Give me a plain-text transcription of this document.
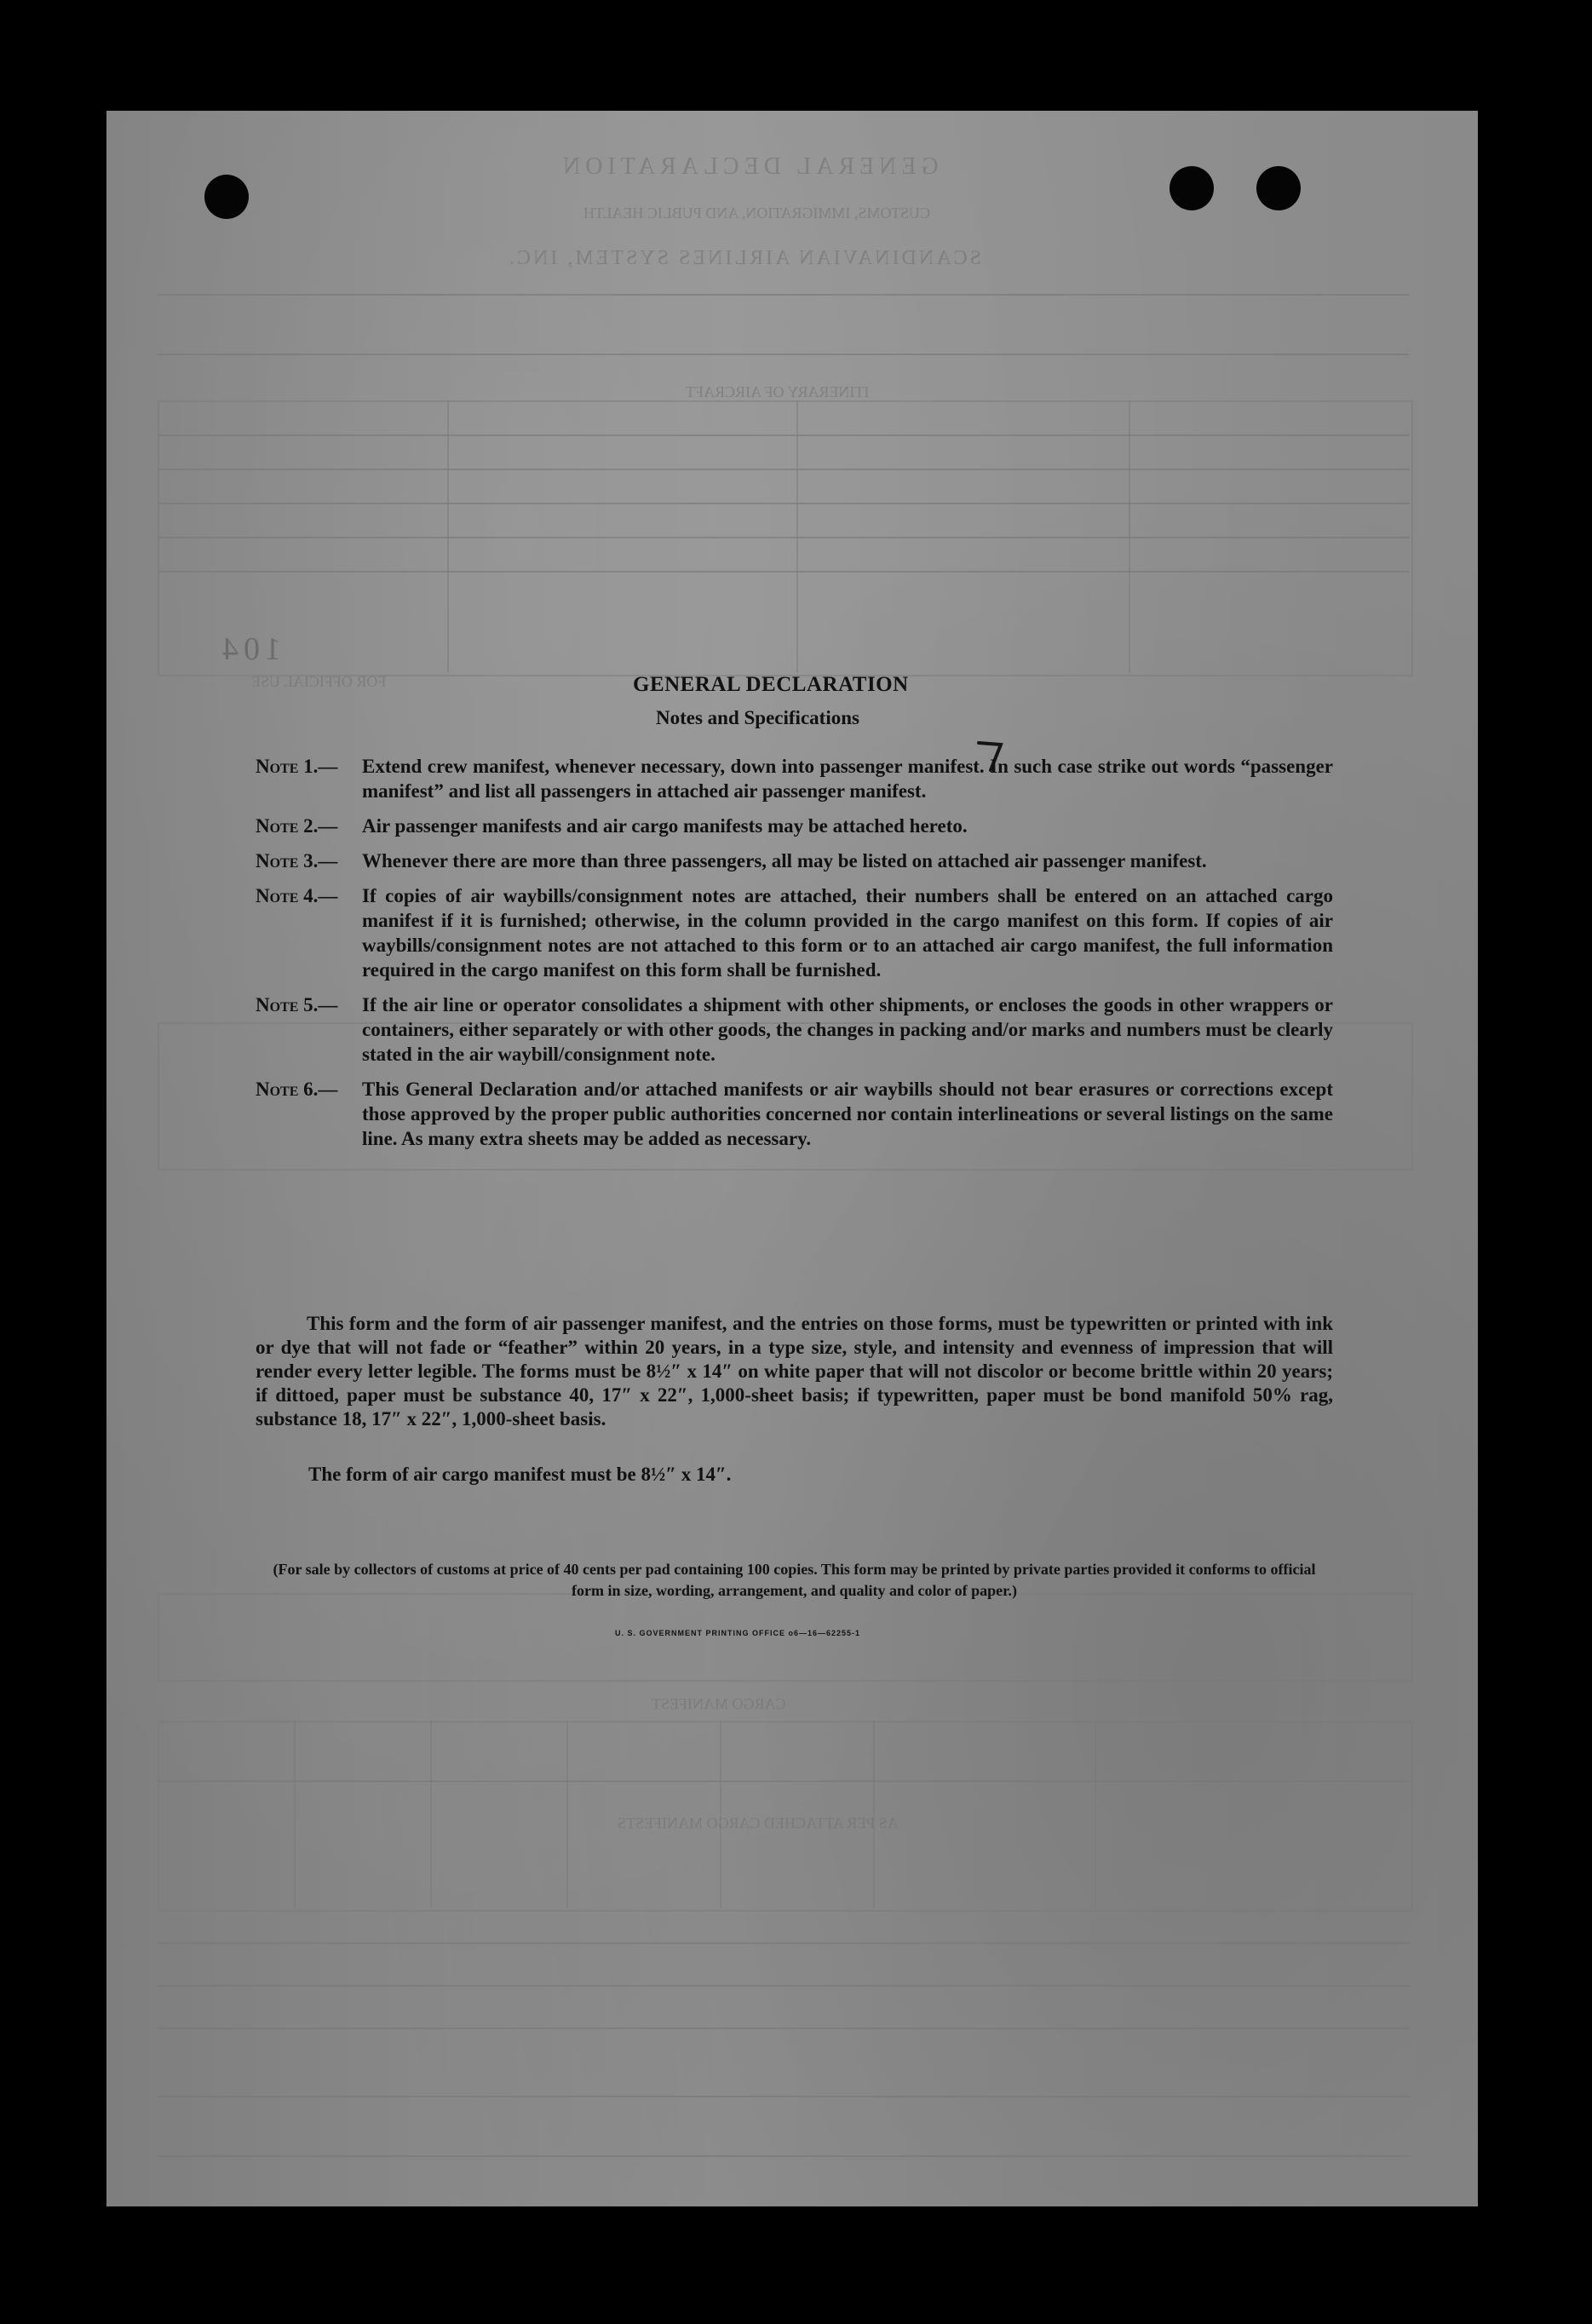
GENERAL DECLARATION
CUSTOMS, IMMIGRATION, AND PUBLIC HEALTH
SCANDINAVIAN AIRLINES SYSTEM, INC.
ITINERARY OF AIRCRAFT
104
FOR OFFICIAL USE
CARGO MANIFEST
AS PER ATTACHED CARGO MANIFESTS
GENERAL DECLARATION
Notes and Specifications
Note 1.—	Extend crew manifest, whenever necessary, down into passenger manifest. In such case strike out words “passenger manifest” and list all passengers in attached air passenger manifest.
Note 2.—	Air passenger manifests and air cargo manifests may be attached hereto.
Note 3.—	Whenever there are more than three passengers, all may be listed on attached air passenger manifest.
Note 4.—	If copies of air waybills/consignment notes are attached, their numbers shall be entered on an attached cargo manifest if it is furnished; otherwise, in the column provided in the cargo manifest on this form. If copies of air waybills/consignment notes are not attached to this form or to an attached air cargo manifest, the full information required in the cargo manifest on this form shall be furnished.
Note 5.—	If the air line or operator consolidates a shipment with other shipments, or encloses the goods in other wrappers or containers, either separately or with other goods, the changes in packing and/or marks and numbers must be clearly stated in the air waybill/consignment note.
Note 6.—	This General Declaration and/or attached manifests or air waybills should not bear erasures or corrections except those approved by the proper public authorities concerned nor contain interlineations or several listings on the same line. As many extra sheets may be added as necessary.
This form and the form of air passenger manifest, and the entries on those forms, must be typewritten or printed with ink or dye that will not fade or “feather” within 20 years, in a type size, style, and intensity and evenness of impression that will render every letter legible. The forms must be 8½″ x 14″ on white paper that will not discolor or become brittle within 20 years; if dittoed, paper must be substance 40, 17″ x 22″, 1,000-sheet basis; if typewritten, paper must be bond manifold 50% rag, substance 18, 17″ x 22″, 1,000-sheet basis.
The form of air cargo manifest must be 8½″ x 14″.
(For sale by collectors of customs at price of 40 cents per pad containing 100 copies. This form may be printed by private parties provided it conforms to official form in size, wording, arrangement, and quality and color of paper.)
U. S. GOVERNMENT PRINTING OFFICE o6—16—62255-1
